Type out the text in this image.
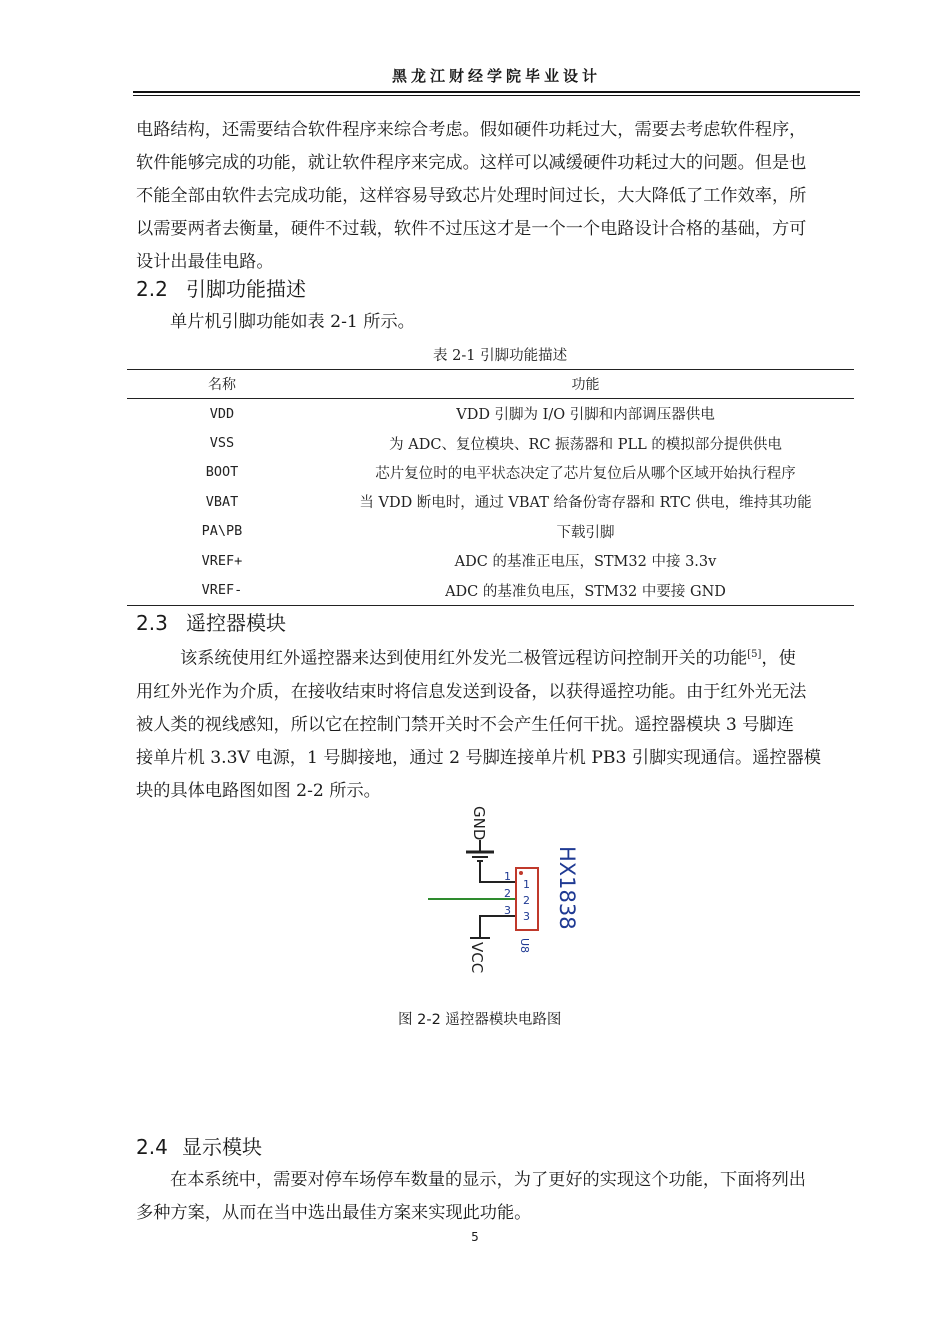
黑龙江财经学院毕业设计
电路结构，还需要结合软件程序来综合考虑。假如硬件功耗过大，需要去考虑软件程序，
软件能够完成的功能，就让软件程序来完成。这样可以减缓硬件功耗过大的问题。但是也
不能全部由软件去完成功能，这样容易导致芯片处理时间过长，大大降低了工作效率，所
以需要两者去衡量，硬件不过载，软件不过压这才是一个一个电路设计合格的基础，方可
设计出最佳电路。
2.2 引脚功能描述
单片机引脚功能如表 2-1 所示。
表 2-1 引脚功能描述
名称	功能
VDD	VDD 引脚为 I/O 引脚和内部调压器供电
VSS	为 ADC、复位模块、RC 振荡器和 PLL 的模拟部分提供供电
BOOT	芯片复位时的电平状态决定了芯片复位后从哪个区域开始执行程序
VBAT	当 VDD 断电时，通过 VBAT 给备份寄存器和 RTC 供电，维持其功能
PA\PB	下载引脚
VREF+	ADC 的基准正电压，STM32 中接 3.3v
VREF-	ADC 的基准负电压，STM32 中要接 GND
2.3 遥控器模块
该系统使用红外遥控器来达到使用红外发光二极管远程访问控制开关的功能[5]，使
用红外光作为介质，在接收结束时将信息发送到设备，以获得遥控功能。由于红外光无法
被人类的视线感知，所以它在控制门禁开关时不会产生任何干扰。遥控器模块 3 号脚连
接单片机 3.3V 电源，1 号脚接地，通过 2 号脚连接单片机 PB3 引脚实现通信。遥控器模
块的具体电路图如图 2-2 所示。
GND
VCC
1
2
3
1
2
3
U8
HX1838
图 2-2 遥控器模块电路图
2.4 显示模块
在本系统中，需要对停车场停车数量的显示，为了更好的实现这个功能，下面将列出
多种方案，从而在当中选出最佳方案来实现此功能。
5
